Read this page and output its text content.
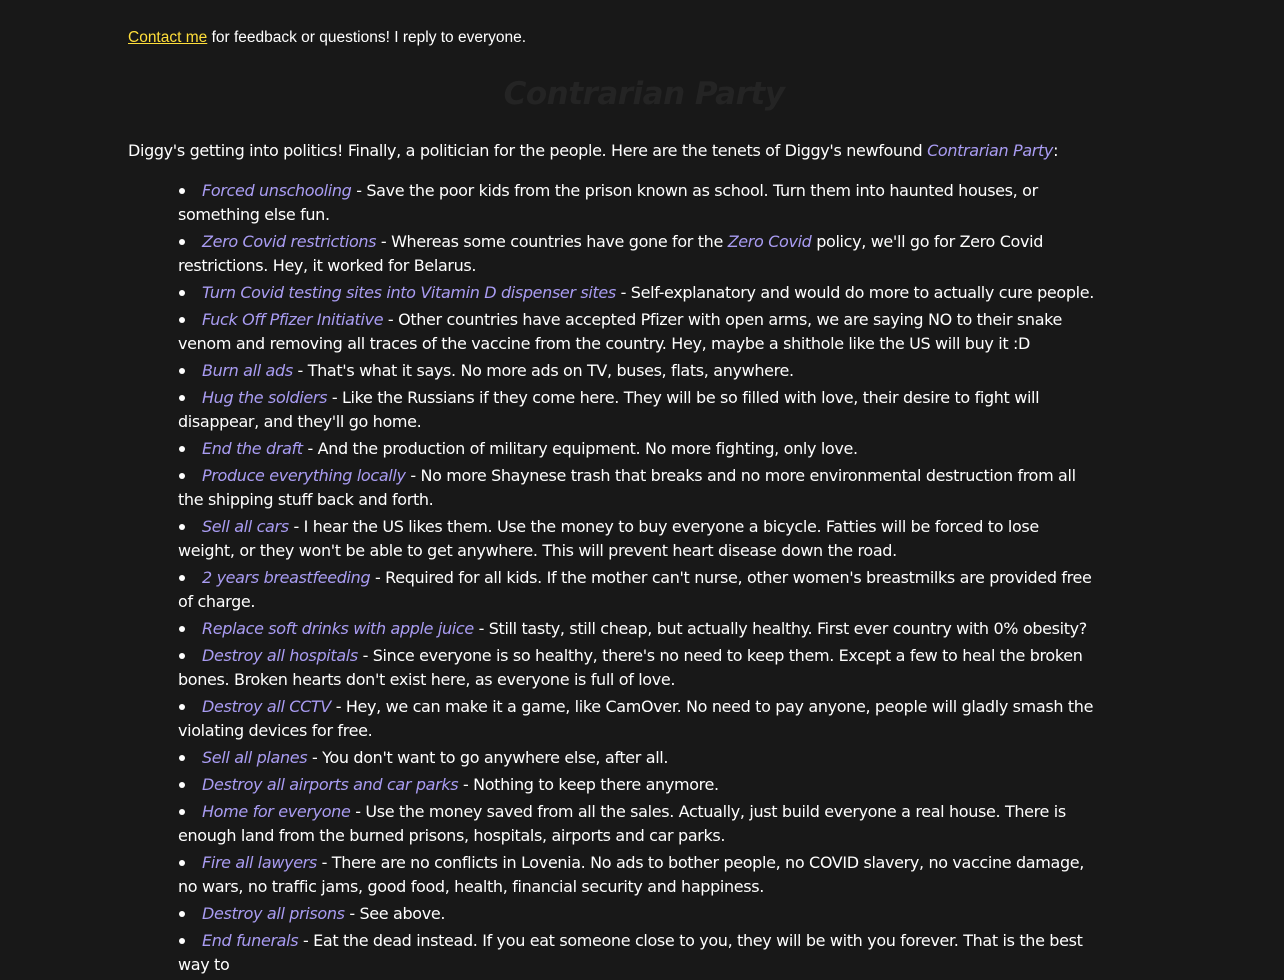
Contact me for feedback or questions! I reply to everyone.
Contrarian Party

Diggy's getting into politics! Finally, a politician for the people. Here are the tenets of Diggy's newfound Contrarian Party:

Forced unschooling - Save the poor kids from the prison known as school. Turn them into haunted houses, or something else fun.
Zero Covid restrictions - Whereas some countries have gone for the Zero Covid policy, we'll go for Zero Covid restrictions. Hey, it worked for Belarus.
Turn Covid testing sites into Vitamin D dispenser sites - Self-explanatory and would do more to actually cure people.
Fuck Off Pfizer Initiative - Other countries have accepted Pfizer with open arms, we are saying NO to their snake venom and removing all traces of the vaccine from the country. Hey, maybe a shithole like the US will buy it :D
Burn all ads - That's what it says. No more ads on TV, buses, flats, anywhere.
Hug the soldiers - Like the Russians if they come here. They will be so filled with love, their desire to fight will disappear, and they'll go home.
End the draft - And the production of military equipment. No more fighting, only love.
Produce everything locally - No more Shaynese trash that breaks and no more environmental destruction from all the shipping stuff back and forth.
Sell all cars - I hear the US likes them. Use the money to buy everyone a bicycle. Fatties will be forced to lose weight, or they won't be able to get anywhere. This will prevent heart disease down the road.
2 years breastfeeding - Required for all kids. If the mother can't nurse, other women's breastmilks are provided free of charge.
Replace soft drinks with apple juice - Still tasty, still cheap, but actually healthy. First ever country with 0% obesity?
Destroy all hospitals - Since everyone is so healthy, there's no need to keep them. Except a few to heal the broken bones. Broken hearts don't exist here, as everyone is full of love.
Destroy all CCTV - Hey, we can make it a game, like CamOver. No need to pay anyone, people will gladly smash the violating devices for free.
Sell all planes - You don't want to go anywhere else, after all.
Destroy all airports and car parks - Nothing to keep there anymore.
Home for everyone - Use the money saved from all the sales. Actually, just build everyone a real house. There is enough land from the burned prisons, hospitals, airports and car parks.
Fire all lawyers - There are no conflicts in Lovenia. No ads to bother people, no COVID slavery, no vaccine damage, no wars, no traffic jams, good food, health, financial security and happiness.
Destroy all prisons - See above.
End funerals - Eat the dead instead. If you eat someone close to you, they will be with you forever. That is the best way to
